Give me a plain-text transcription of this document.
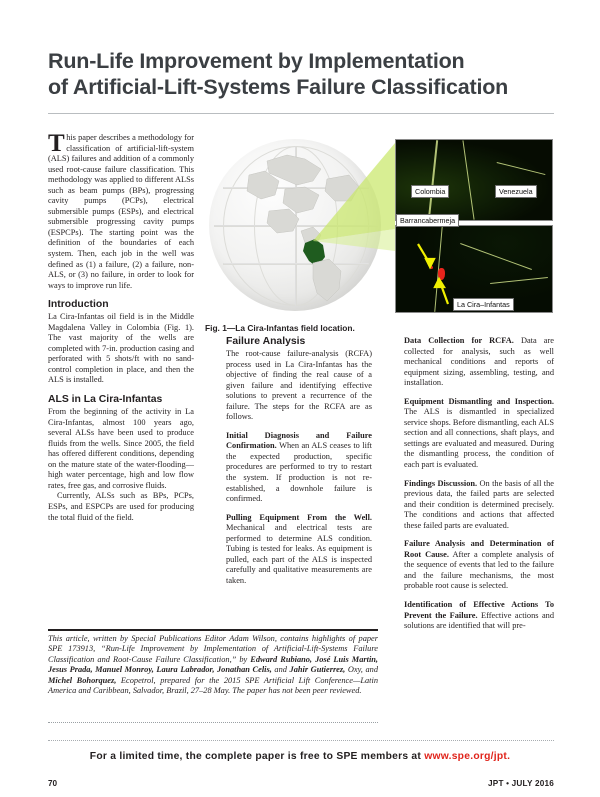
Run-Life Improvement by Implementation
of Artificial-Lift-Systems Failure Classification
Colombia	Venezuela
Barrancabermeja
La Cira–Infantas
Fig. 1—La Cira-Infantas field location.
T his paper describes a methodology for classification of artificial-lift-system (ALS) failures and addition of a commonly used root-cause failure classification. This methodology was applied to different ALSs such as beam pumps (BPs), progressing cavity pumps (PCPs), electrical submersible pumps (ESPs), and electrical submersible progressing cavity pumps (ESPCPs). The starting point was the definition of the boundaries of each system. Then, each job in the well was defined as (1) a failure, (2) a failure, non-ALS, or (3) no failure, in order to look for ways to improve run life.

Introduction

La Cira-Infantas oil field is in the Middle Magdalena Valley in Colombia (Fig. 1). The vast majority of the wells are completed with 7-in. production casing and perforated with 5 shots/ft with no sand-control completion in place, and then the ALS is installed.

ALS in La Cira-Infantas

From the beginning of the activity in La Cira-Infantas, almost 100 years ago, several ALSs have been used to produce fluids from the wells. Since 2005, the field has offered different conditions, depending on the mature state of the water-flooding—high water percentage, high and low flow rates, free gas, and corrosive fluids.

Currently, ALSs such as BPs, PCPs, ESPs, and ESPCPs are used for producing the total fluid of the field.

Failure Analysis

The root-cause failure-analysis (RCFA) process used in La Cira-Infantas has the objective of finding the real cause of a given failure and identifying effective solutions to prevent a recurrence of the failure. The steps for the RCFA are as follows.

Initial Diagnosis and Failure Confirmation. When an ALS ceases to lift the expected production, specific procedures are performed to try to restart the system. If production is not re-established, a downhole failure is confirmed.

Pulling Equipment From the Well. Mechanical and electrical tests are performed to determine ALS condition. Tubing is tested for leaks. As equipment is pulled, each part of the ALS is inspected carefully and qualitative measurements are taken.

Data Collection for RCFA. Data are collected for analysis, such as well mechanical conditions and reports of equipment sizing, assembling, testing, and installation.

Equipment Dismantling and Inspection. The ALS is dismantled in specialized service shops. Before dismantling, each ALS section and all connections, shaft plays, and settings are evaluated and measured. During the dismantling process, the condition of each part is evaluated.

Findings Discussion. On the basis of all the previous data, the failed parts are selected and their condition is determined precisely. The conditions and actions that affected these failed parts are evaluated.

Failure Analysis and Determination of Root Cause. After a complete analysis of the sequence of events that led to the failure and the failure mechanisms, the most probable root cause is selected.

Identification of Effective Actions To Prevent the Failure. Effective actions and solutions are identified that will pre-

This article, written by Special Publications Editor Adam Wilson, contains highlights of paper SPE 173913, “Run-Life Improvement by Implementation of Artificial-Lift-Systems Failure Classification and Root-Cause Failure Classification,” by Edward Rubiano, José Luis Martin, Jesus Prada, Manuel Monroy, Laura Labrador, Jonathan Celis, and Jahir Gutierrez, Oxy, and Michel Bohorquez, Ecopetrol, prepared for the 2015 SPE Artificial Lift Conference—Latin America and Caribbean, Salvador, Brazil, 27–28 May. The paper has not been peer reviewed.
For a limited time, the complete paper is free to SPE members at www.spe.org/jpt.
70	JPT • JULY 2016
